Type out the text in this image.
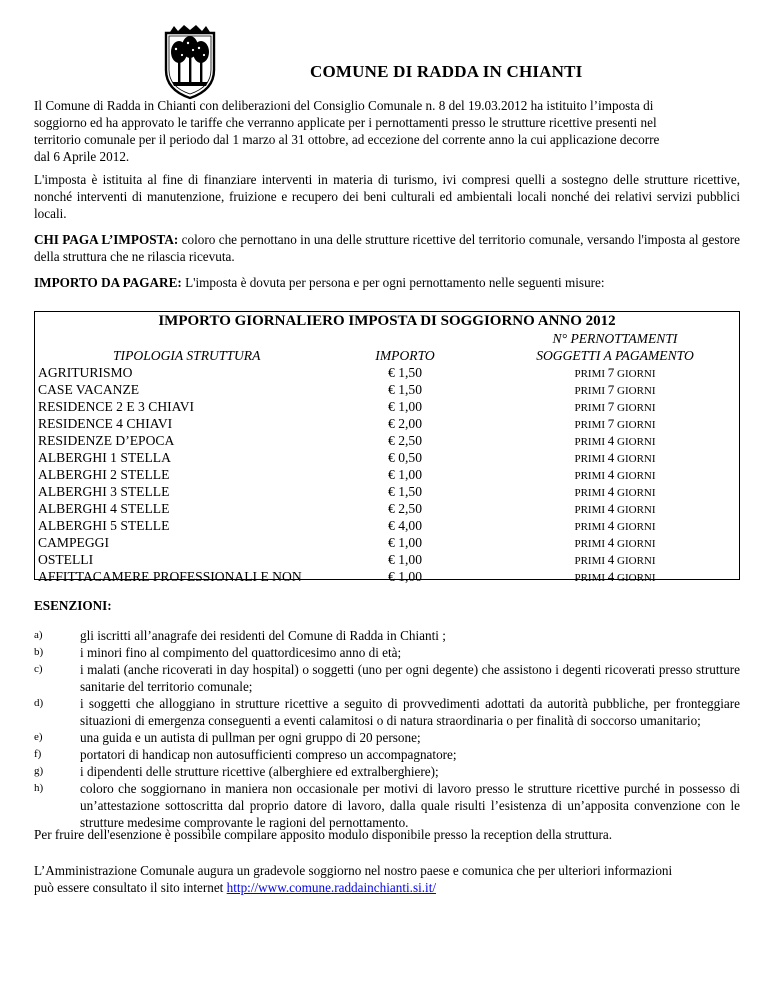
COMUNE DI RADDA IN CHIANTI
Il Comune di Radda in Chianti con deliberazioni del Consiglio Comunale n. 8 del 19.03.2012 ha istituito l’imposta di soggiorno ed ha approvato le tariffe che verranno applicate per i pernottamenti presso le strutture ricettive presenti nel territorio comunale per il periodo dal 1 marzo al 31 ottobre, ad eccezione del corrente anno la cui applicazione decorre dal 6 Aprile 2012.
L'imposta è istituita al fine di finanziare interventi in materia di turismo, ivi compresi quelli a sostegno delle strutture ricettive, nonché interventi di manutenzione, fruizione e recupero dei beni culturali ed ambientali locali nonché dei relativi servizi pubblici locali.
CHI PAGA L’IMPOSTA: coloro che pernottano in una delle strutture ricettive del territorio comunale, versando l'imposta al gestore della struttura che ne rilascia ricevuta.
IMPORTO DA PAGARE: L'imposta è dovuta per persona e per ogni pernottamento nelle seguenti misure:
IMPORTO GIORNALIERO IMPOSTA DI SOGGIORNO ANNO 2012
TIPOLOGIA STRUTTURA	IMPORTO
N° PERNOTTAMENTI
SOGGETTI A PAGAMENTO
AGRITURISMO	€ 1,50	PRIMI 7 GIORNI
CASE VACANZE	€ 1,50	PRIMI 7 GIORNI
RESIDENCE 2 E 3 CHIAVI	€ 1,00	PRIMI 7 GIORNI
RESIDENCE 4 CHIAVI	€ 2,00	PRIMI 7 GIORNI
RESIDENZE D’EPOCA	€ 2,50	PRIMI 4 GIORNI
ALBERGHI 1 STELLA	€ 0,50	PRIMI 4 GIORNI
ALBERGHI 2 STELLE	€ 1,00	PRIMI 4 GIORNI
ALBERGHI 3 STELLE	€ 1,50	PRIMI 4 GIORNI
ALBERGHI 4 STELLE	€ 2,50	PRIMI 4 GIORNI
ALBERGHI 5 STELLE	€ 4,00	PRIMI 4 GIORNI
CAMPEGGI	€ 1,00	PRIMI 4 GIORNI
OSTELLI	€ 1,00	PRIMI 4 GIORNI
AFFITTACAMERE PROFESSIONALI E NON	€ 1,00	PRIMI 4 GIORNI
ESENZIONI:
a)	gli iscritti all’anagrafe dei residenti del Comune di Radda in Chianti ;
b)	i minori fino al compimento del quattordicesimo anno di età;
c)	i malati (anche ricoverati in day hospital) o soggetti (uno per ogni degente) che assistono i degenti ricoverati presso strutture sanitarie del territorio comunale;
d)	i soggetti che alloggiano in strutture ricettive a seguito di provvedimenti adottati da autorità pubbliche, per fronteggiare situazioni di emergenza conseguenti a eventi calamitosi o di natura straordinaria o per finalità di soccorso umanitario;
e)	una guida e un autista di pullman per ogni gruppo di 20 persone;
f)	portatori di handicap non autosufficienti compreso un accompagnatore;
g)	i dipendenti delle strutture ricettive (alberghiere ed extralberghiere);
h)	coloro che soggiornano in maniera non occasionale per motivi di lavoro presso le strutture ricettive purché in possesso di un’attestazione sottoscritta dal proprio datore di lavoro, dalla quale risulti l’esistenza di un’apposita convenzione con le strutture medesime comprovante le ragioni del pernottamento.
Per fruire dell'esenzione è possibile compilare apposito modulo disponibile presso la reception della struttura.
L’Amministrazione Comunale augura un gradevole soggiorno nel nostro paese e comunica che per ulteriori informazioni può essere consultato il sito internet http://www.comune.raddainchianti.si.it/
